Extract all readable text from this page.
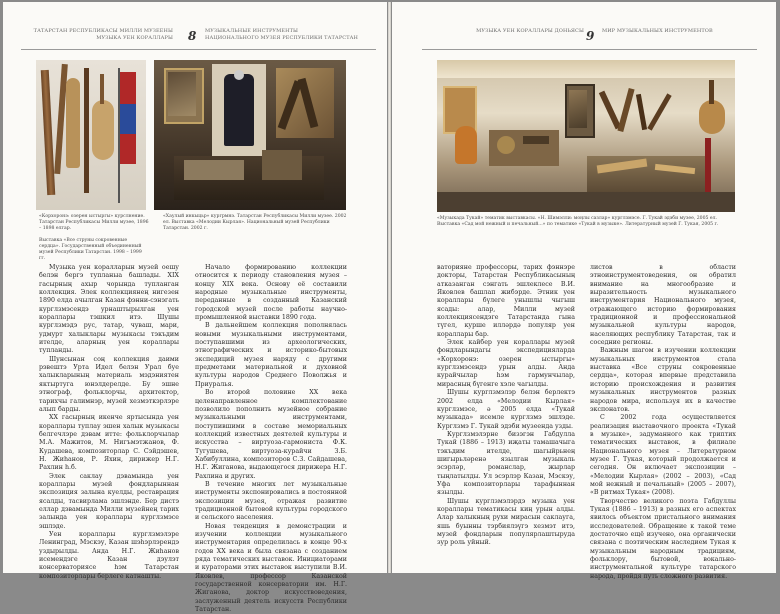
ТАТАРСТАН РЕСПУБЛИКАСЫ МИЛЛИ МУЗЕЕНЫ
МУЗЫКА УЕН КОРАЛЛАРЫ 8 МУЗЫКАЛЬНЫЕ ИНСТРУМЕНТЫ
НАЦИОНАЛЬНОГО МУЗЕЯ РЕСПУБЛИКИ ТАТАРСТАН
«Корхоронэ: озерен ыстыргы» курслнение. Татарстан Республикасы Милли музее, 1896 – 1898 елгар.
«Хаулый инкыцьр» кургрмнэ. Татарстан Республикасы Милли музее. 2002 ел. Выставка «Мелодии Кырлая». Национальный музей Республики Татарстан. 2002 г.
Выставка «Все струны сокровенные сердца». Государственный объединенный музей Республики Татарстан. 1998 – 1999 гг.

Музыка уен коралларын музей оешу белэн бергэ тупланыа башлады. XIX гасырның ахыр чорында тупланган коллекция. Элек коллекциянең нигезен 1890 елда ачылган Казан фэнни-сэнэгать курглзмэсендэ урнаштырылган уен кораллары тэшкил итэ. Шушы курглзмэдэ рус, татар, чуваш, мари, удмурт халыклары музыкасы тэкъдим ителде, аларның уен кораллары тупланды.

Шунсынан соң коллекция даими рэвештэ Урта Идел белэн Урал буе халыкларының материаль мэдэниятен яктыртуга юнэлдерелде. Бу эшне этнограф, фольклорчы, архитектор, тарихчы галимнэр, музей хезмэткэрлэре алып барды.

XX гасырның икенче яртысында уен кораллары туплау эшен халык музыкасы белгечлэре дэвам итте: фольклорчылар М.А. Мажитов, М. Нигъмэтжанов, Ф. Кудашева, композиторлар С. Сэйдэшев, Н. Жиһанов, Р. Яхин, дирижер Н.Г. Рахлин һ.б.

Элек саклау дэвамында уен кораллары музей фондларыннан экспозиция залына куелды, реставрация ясалды, тасвирлама эшлэнде. Бер дистэ еллар дэвамында Милли музейнең тарих залында уен кораллары курглзмэсе эшлэде.

Уен кораллары курглзмэлэре Ленинград, Мэскэу, Казан шэһэрлэрендэ уздырылды. Анда Н.Г. Жиһанов исемендэге Казан дэулэт консерваториясе һэм Татарстан композиторлары берлеге катнашты.

Начало формированию коллекции относится к периоду становления музея – концу XIX века. Основу её составили народные музыкальные инструменты, переданные в созданный Казанский городской музей после работы научно-промышленной выставки 1890 года.

В дальнейшем коллекция пополнялась новыми музыкальными инструментами, поступавшими из археологических, этнографических и историко-бытовых экспедиций музея наряду с другими предметами материальной и духовной культуры народов Среднего Поволжья и Приуралья.

Во второй половине XX века целенаправленное комплектование позволило пополнить музейное собрание музыкальными инструментами, поступившими в составе мемориальных коллекций известных деятелей культуры и искусства – виртуоза-гармониста Ф.К. Тугушева, виртуоза-курайчи З.Б. Хабибуллина, композиторов С.З. Сайдашева, Н.Г. Жиганова, выдающегося дирижера Н.Г. Рахлина и других.

В течение многих лет музыкальные инструменты экспонировались в постоянной экспозиции музея, отражая развитие традиционной бытовой культуры городского и сельского населения.

Новая тенденция в демонстрации и изучении коллекции музыкального инструментария определилась в конце 90-х годов XX века и была связана с созданием ряда тематических выставок. Инициаторами и кураторами этих выставок выступили В.И. Яковлев, профессор Казанской государственной консерватории им. Н.Г. Жиганова, доктор искусствоведения, заслуженный деятель искусств Республики Татарстан.

МУЗЫКА УЕН КОРАЛЛАРЫ ДОНЬЯСЫ 9 МИР МУЗЫКАЛЬНЫХ ИНСТРУМЕНТОВ
«Музыкада Тукай» тематик выставкасы. «Н. Шимэлли: моңлы сазлар» курглзмэсе. Г. Тукай эдэби музее, 2005 ел. Выставка «Сад мой нежный и печальный...» по тематике «Тукай в музыке». Литературный музей Г. Тукая, 2005 г.

ваторияне профессоры, тарих фэннэре докторы, Татарстан Республикасының атказанган сэнгать эшлеклесе В.И. Яковлев башлап жибэрде. Этник уен кораллары бүлеге унышлы чыгыш ясады: алар, Милли музей коллекциясендэге Татарстанда гына түгел, курше илләрдә популяр уен кораллары бар.

Элек кайбер уен кораллары музей фондларындагы экспедицияларда «Корхоронэ: озерен ыстыргы» курглзмэсендэ урын алды. Анда курайчылар һэм гармунчылар, мирасның бүгенге хэле чагылды.

Шушы курглзмэлэр белэн берлектэ 2002 елда «Мелодии Кырлая» курглзмэсе, ә 2005 елда «Тукай музыкада» исемле курглзмэ эшлэде. Курглзмэ Г. Тукай эдэби музеенда узды.

Курглзмэлэрне бизэгэн Габдулла Тукай (1886 – 1913) иҗаты тамашачыга тэкъдим ителде, шагыйрьнең шигырьләренә язылган музыкаль эсэрләр, романслар, жырлар тыңлатылды. Ул эсэрлэр Казан, Мэскэу, Уфа композиторлары тарафыннан язылды.

Шушы курглзмэлэрдэ музыка уен кораллары тематикасы киң урын алды. Алар халыкның рухи мирасын саклауга, яшь буынны тэрбиялэүгэ хезмэт итэ, музей фондларын популярлаштыруда зур роль уйный.

листов в области этноинструментоведения, он обратил внимание на многообразие и выразительность музыкального инструментария Национального музея, отражающего историю формирования традиционной и профессиональной музыкальной культуры народов, населяющих республику Татарстан, так и соседние регионы.

Важным шагом в изучении коллекции музыкальных инструментов стала выставка «Все струны сокровенные сердца», которая впервые представила историю происхождения и развития музыкальных инструментов разных народов мира, используя их в качестве экспонатов.

С 2002 года осуществляется реализация выставочного проекта «Тукай в музыке», задуманного как триптих тематических выставок, в филиале Национального музея – Литературном музее Г. Тукая, который продолжается и сегодня. Он включает экспозиции – «Мелодии Кырлая» (2002 – 2003), «Сад мой нежный и печальный» (2005 – 2007), «В ритмах Тукая» (2008).

Творчество великого поэта Габдуллы Тукая (1886 – 1913) в разных его аспектах явилось объектом пристального внимания исследователей. Обращение к такой теме достаточно ещё изучено, она органически связана с поэтическим наследием Тукая к музыкальным народным традициям, фольклору, бытовой, вокально-инструментальной культуре татарского народа, пройдя путь сложного развития.
